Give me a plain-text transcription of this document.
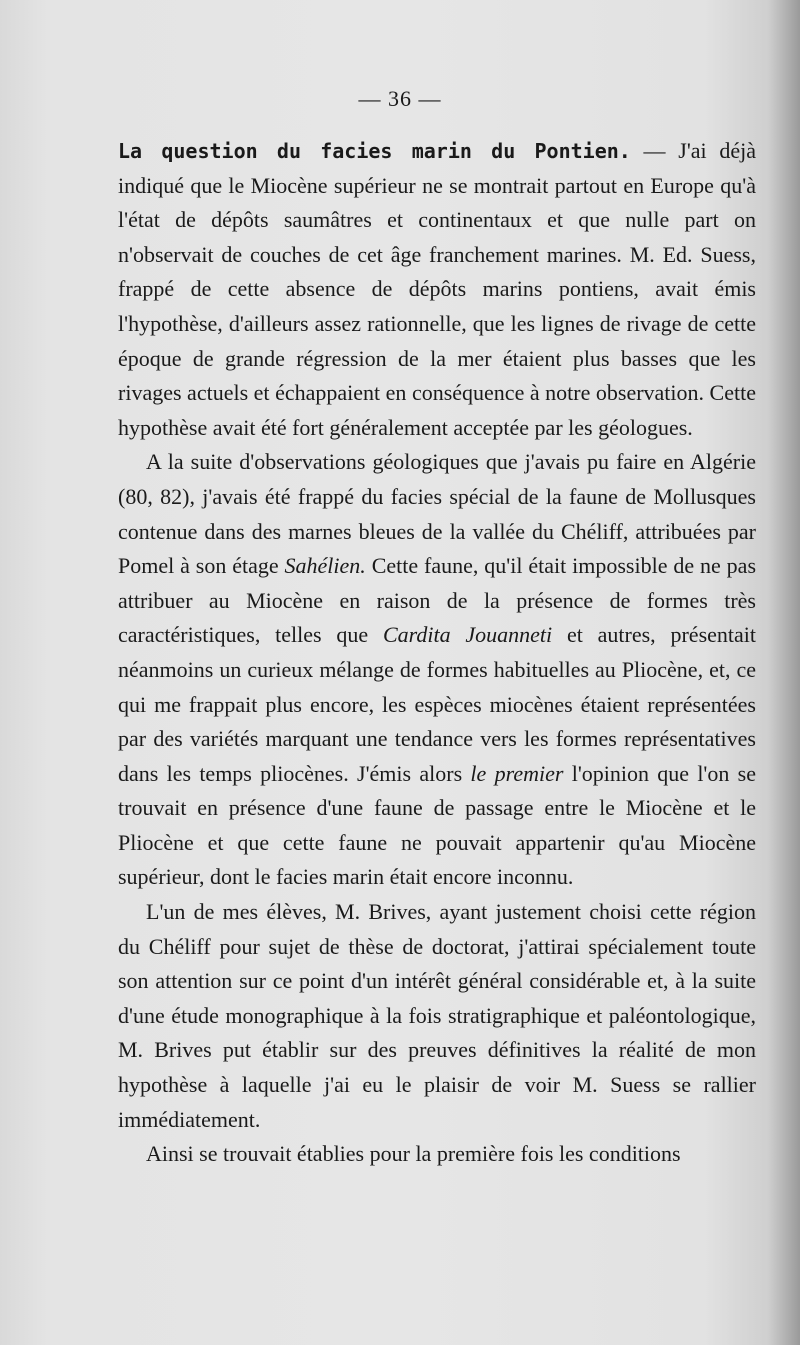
— 36 —

La question du facies marin du Pontien. — J'ai déjà indiqué que le Miocène supérieur ne se montrait partout en Europe qu'à l'état de dépôts saumâtres et continentaux et que nulle part on n'observait de couches de cet âge franchement marines. M. Ed. Suess, frappé de cette absence de dépôts marins pontiens, avait émis l'hypothèse, d'ailleurs assez rationnelle, que les lignes de rivage de cette époque de grande régression de la mer étaient plus basses que les rivages actuels et échappaient en conséquence à notre observation. Cette hypothèse avait été fort généralement acceptée par les géologues.

A la suite d'observations géologiques que j'avais pu faire en Algérie (80, 82), j'avais été frappé du facies spécial de la faune de Mollusques contenue dans des marnes bleues de la vallée du Chéliff, attribuées par Pomel à son étage Sahélien. Cette faune, qu'il était impossible de ne pas attribuer au Miocène en raison de la présence de formes très caractéristiques, telles que Cardita Jouanneti et autres, présentait néanmoins un curieux mélange de formes habituelles au Pliocène, et, ce qui me frappait plus encore, les espèces miocènes étaient représentées par des variétés marquant une tendance vers les formes représentatives dans les temps pliocènes. J'émis alors le premier l'opinion que l'on se trouvait en présence d'une faune de passage entre le Miocène et le Pliocène et que cette faune ne pouvait appartenir qu'au Miocène supérieur, dont le facies marin était encore inconnu.

L'un de mes élèves, M. Brives, ayant justement choisi cette région du Chéliff pour sujet de thèse de doctorat, j'attirai spécialement toute son attention sur ce point d'un intérêt général considérable et, à la suite d'une étude monographique à la fois stratigraphique et paléontologique, M. Brives put établir sur des preuves définitives la réalité de mon hypothèse à laquelle j'ai eu le plaisir de voir M. Suess se rallier immédiatement.

Ainsi se trouvait établies pour la première fois les conditions
